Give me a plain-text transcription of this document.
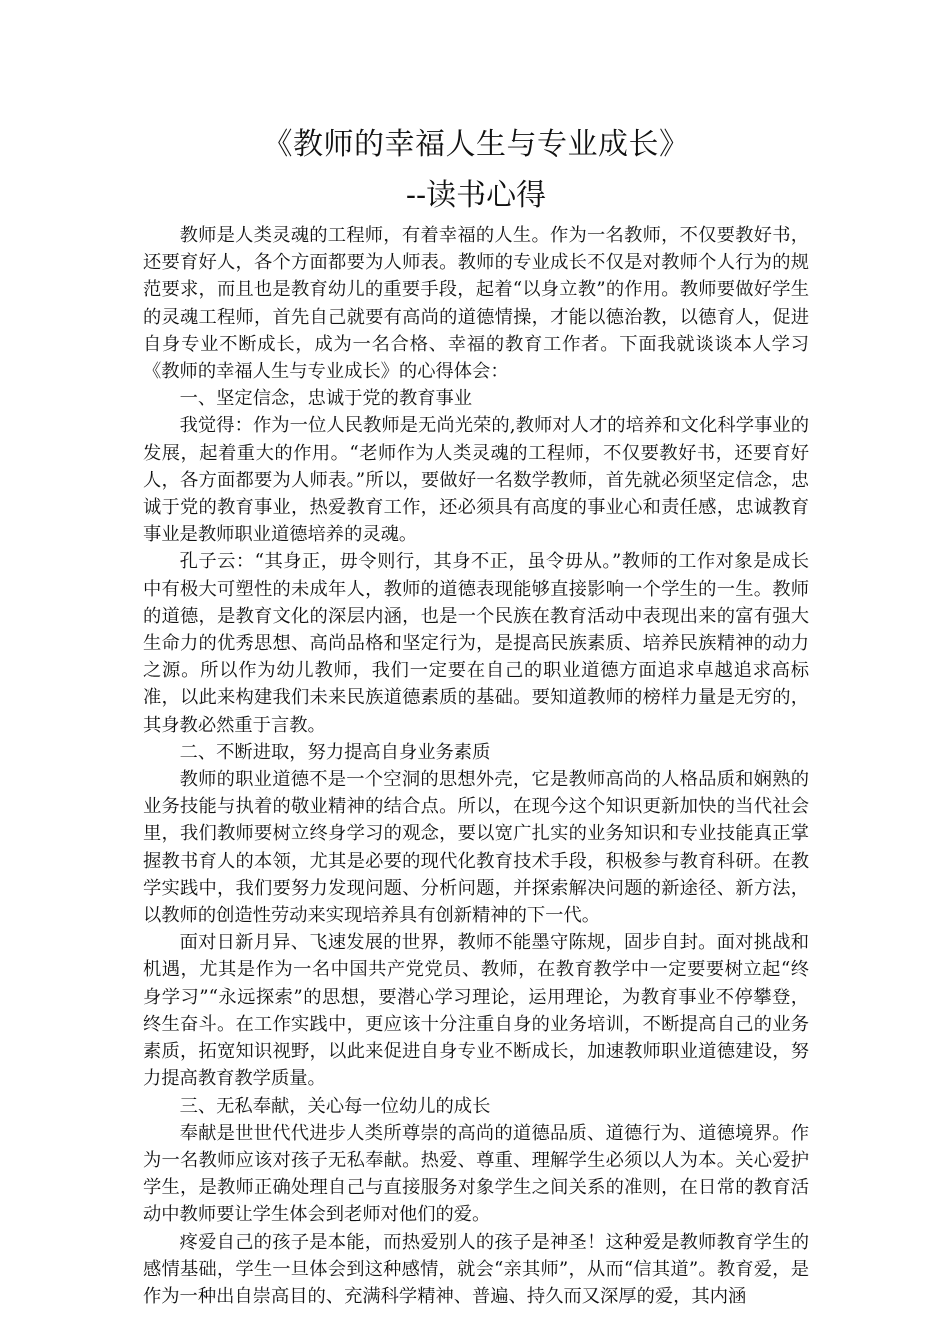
《教师的幸福人生与专业成长》
--读书心得

教师是人类灵魂的工程师，有着幸福的人生。作为一名教师，不仅要教好书，还要育好人，各个方面都要为人师表。教师的专业成长不仅是对教师个人行为的规范要求，而且也是教育幼儿的重要手段，起着“以身立教”的作用。教师要做好学生的灵魂工程师，首先自己就要有高尚的道德情操，才能以德治教，以德育人，促进自身专业不断成长，成为一名合格、幸福的教育工作者。下面我就谈谈本人学习《教师的幸福人生与专业成长》的心得体会：

一、坚定信念，忠诚于党的教育事业

我觉得：作为一位人民教师是无尚光荣的,教师对人才的培养和文化科学事业的发展，起着重大的作用。“老师作为人类灵魂的工程师，不仅要教好书，还要育好人，各方面都要为人师表。”所以，要做好一名数学教师，首先就必须坚定信念，忠诚于党的教育事业，热爱教育工作，还必须具有高度的事业心和责任感，忠诚教育事业是教师职业道德培养的灵魂。

孔子云：“其身正，毋令则行，其身不正，虽令毋从。”教师的工作对象是成长中有极大可塑性的未成年人，教师的道德表现能够直接影响一个学生的一生。教师的道德，是教育文化的深层内涵，也是一个民族在教育活动中表现出来的富有强大生命力的优秀思想、高尚品格和坚定行为，是提高民族素质、培养民族精神的动力之源。所以作为幼儿教师，我们一定要在自己的职业道德方面追求卓越追求高标准，以此来构建我们未来民族道德素质的基础。要知道教师的榜样力量是无穷的，其身教必然重于言教。

二、不断进取，努力提高自身业务素质

教师的职业道德不是一个空洞的思想外壳，它是教师高尚的人格品质和娴熟的业务技能与执着的敬业精神的结合点。所以，在现今这个知识更新加快的当代社会里，我们教师要树立终身学习的观念，要以宽广扎实的业务知识和专业技能真正掌握教书育人的本领，尤其是必要的现代化教育技术手段，积极参与教育科研。在教学实践中，我们要努力发现问题、分析问题，并探索解决问题的新途径、新方法，以教师的创造性劳动来实现培养具有创新精神的下一代。

面对日新月异、飞速发展的世界，教师不能墨守陈规，固步自封。面对挑战和机遇，尤其是作为一名中国共产党党员、教师，在教育教学中一定要要树立起“终身学习”“永远探索”的思想，要潜心学习理论，运用理论，为教育事业不停攀登，终生奋斗。在工作实践中，更应该十分注重自身的业务培训，不断提高自己的业务素质，拓宽知识视野，以此来促进自身专业不断成长，加速教师职业道德建设，努力提高教育教学质量。

三、无私奉献，关心每一位幼儿的成长

奉献是世世代代进步人类所尊崇的高尚的道德品质、道德行为、道德境界。作为一名教师应该对孩子无私奉献。热爱、尊重、理解学生必须以人为本。关心爱护学生，是教师正确处理自己与直接服务对象学生之间关系的准则，在日常的教育活动中教师要让学生体会到老师对他们的爱。

疼爱自己的孩子是本能，而热爱别人的孩子是神圣！这种爱是教师教育学生的感情基础，学生一旦体会到这种感情，就会“亲其师”，从而“信其道”。教育爱，是作为一种出自崇高目的、充满科学精神、普遍、持久而又深厚的爱，其内涵
